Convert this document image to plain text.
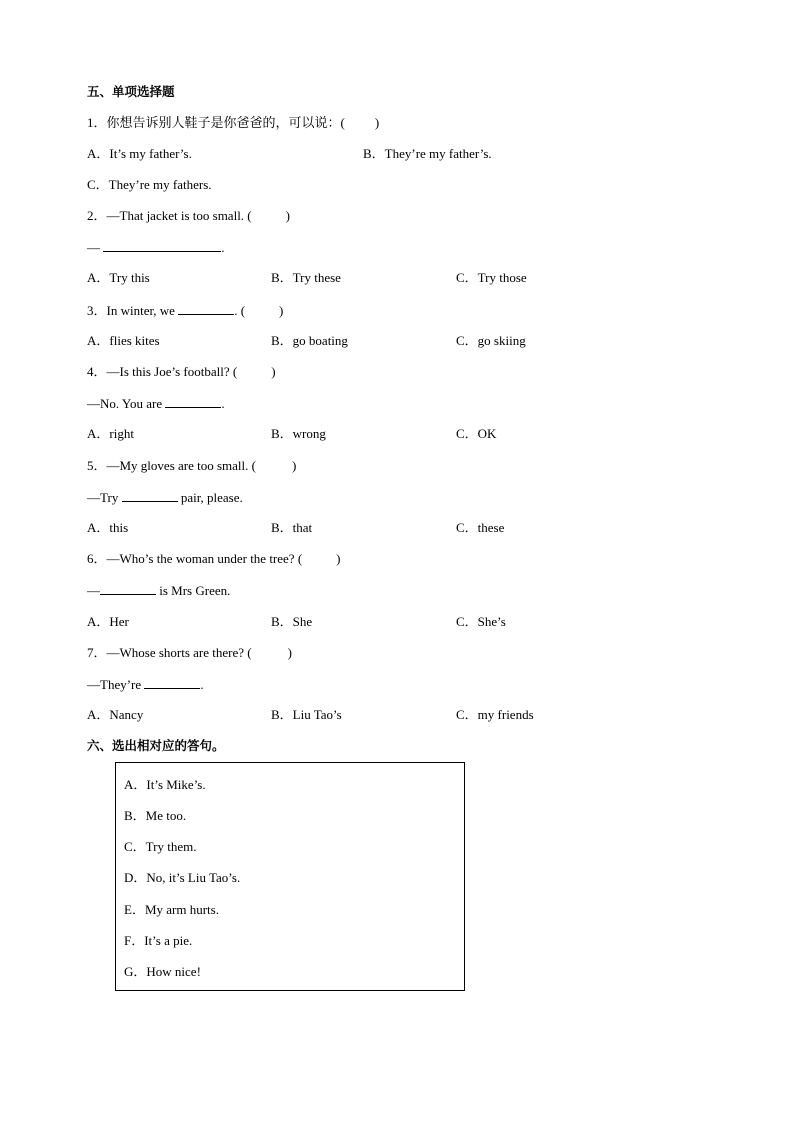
五、单项选择题
1．你想告诉别人鞋子是你爸爸的，可以说：( )
A．It’s my father’s.	B．They’re my father’s.
C．They’re my fathers.
2．—That jacket is too small. (	)
—	.
A．Try this	B．Try these	C．Try those
3．In winter, we	. (	)
A．flies kites	B．go boating	C．go skiing
4．—Is this Joe’s football? (	)
—No. You are	.
A．right	B．wrong	C．OK
5．—My gloves are too small. (	)
—Try	pair, please.
A．this	B．that	C．these
6．—Who’s the woman under the tree? (	)
—	is Mrs Green.
A．Her	B．She	C．She’s
7．—Whose shorts are there? (	)
—They’re	.
A．Nancy	B．Liu Tao’s	C．my friends
六、选出相对应的答句。
A．It’s Mike’s.
B．Me too.
C．Try them.
D．No, it’s Liu Tao’s.
E．My arm hurts.
F．It’s a pie.
G．How nice!
